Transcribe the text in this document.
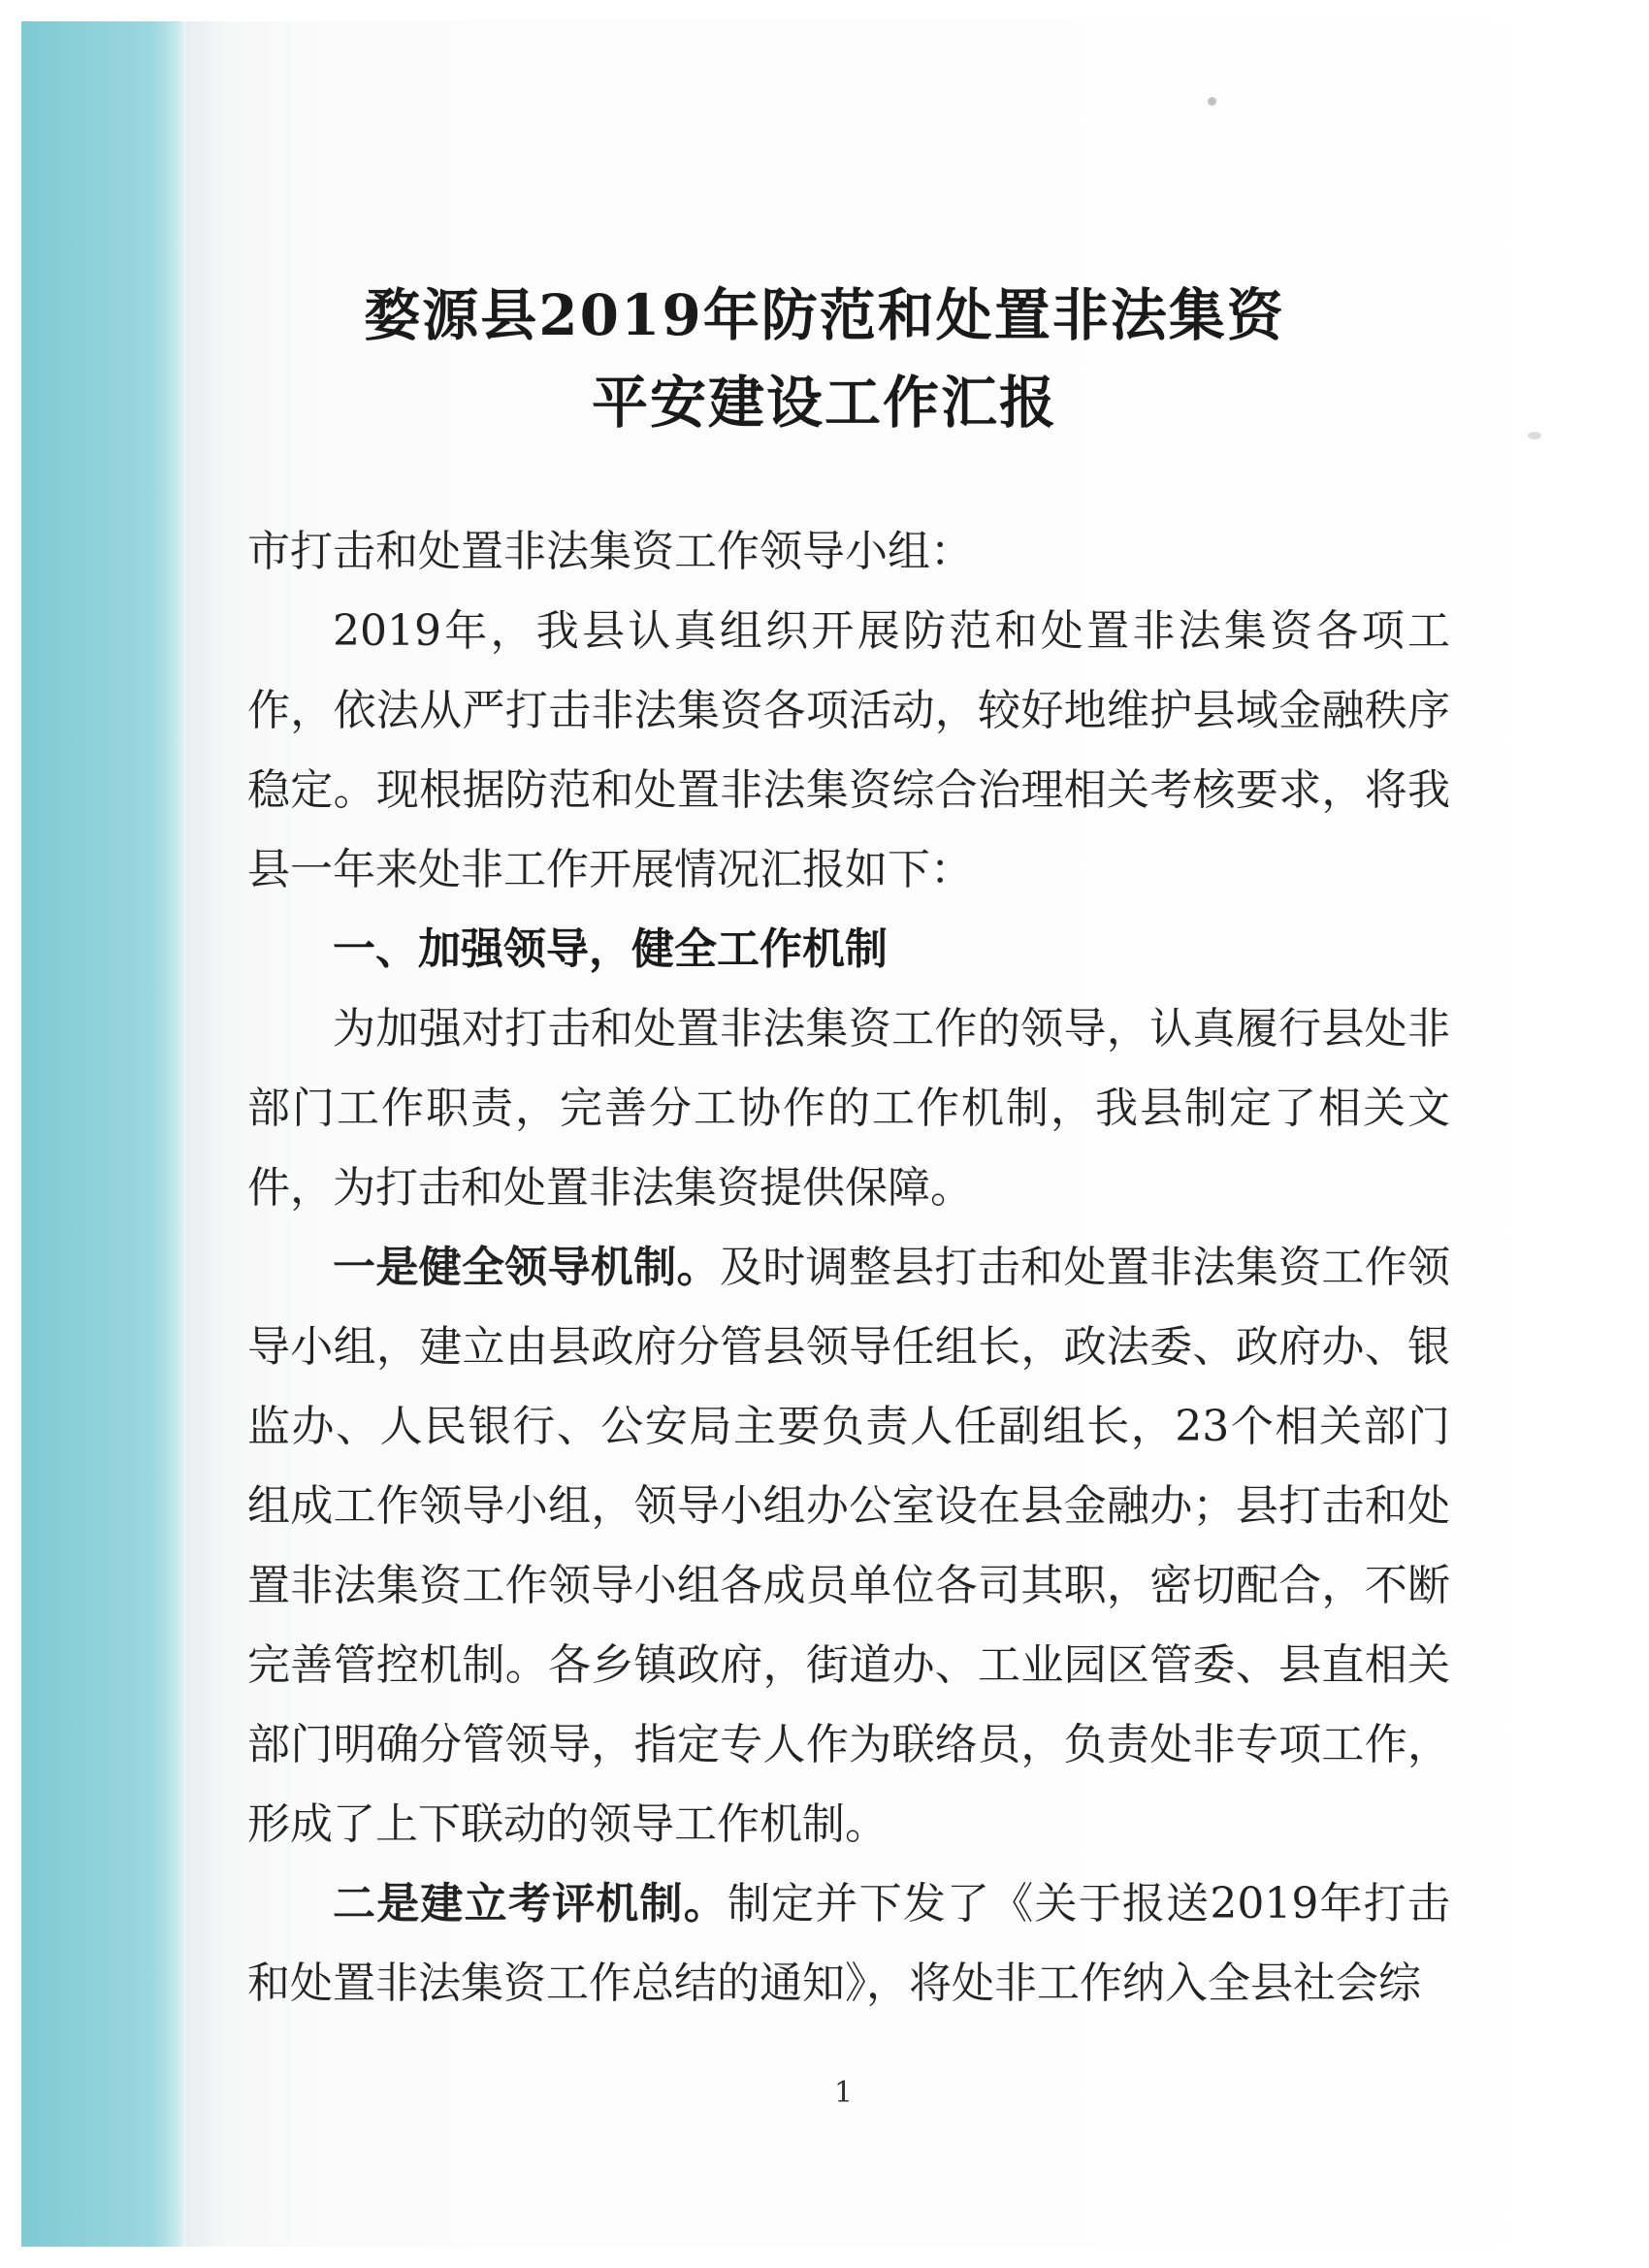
婺源县2019年防范和处置非法集资
平安建设工作汇报

市打击和处置非法集资工作领导小组：

2019年，我县认真组织开展防范和处置非法集资各项工作，依法从严打击非法集资各项活动，较好地维护县域金融秩序稳定。现根据防范和处置非法集资综合治理相关考核要求，将我县一年来处非工作开展情况汇报如下：

一、加强领导，健全工作机制

为加强对打击和处置非法集资工作的领导，认真履行县处非部门工作职责，完善分工协作的工作机制，我县制定了相关文件，为打击和处置非法集资提供保障。

一是健全领导机制。及时调整县打击和处置非法集资工作领导小组，建立由县政府分管县领导任组长，政法委、政府办、银监办、人民银行、公安局主要负责人任副组长，23个相关部门组成工作领导小组，领导小组办公室设在县金融办；县打击和处置非法集资工作领导小组各成员单位各司其职，密切配合，不断完善管控机制。各乡镇政府，街道办、工业园区管委、县直相关部门明确分管领导，指定专人作为联络员，负责处非专项工作，形成了上下联动的领导工作机制。

二是建立考评机制。制定并下发了《关于报送2019年打击和处置非法集资工作总结的通知》，将处非工作纳入全县社会综

1
